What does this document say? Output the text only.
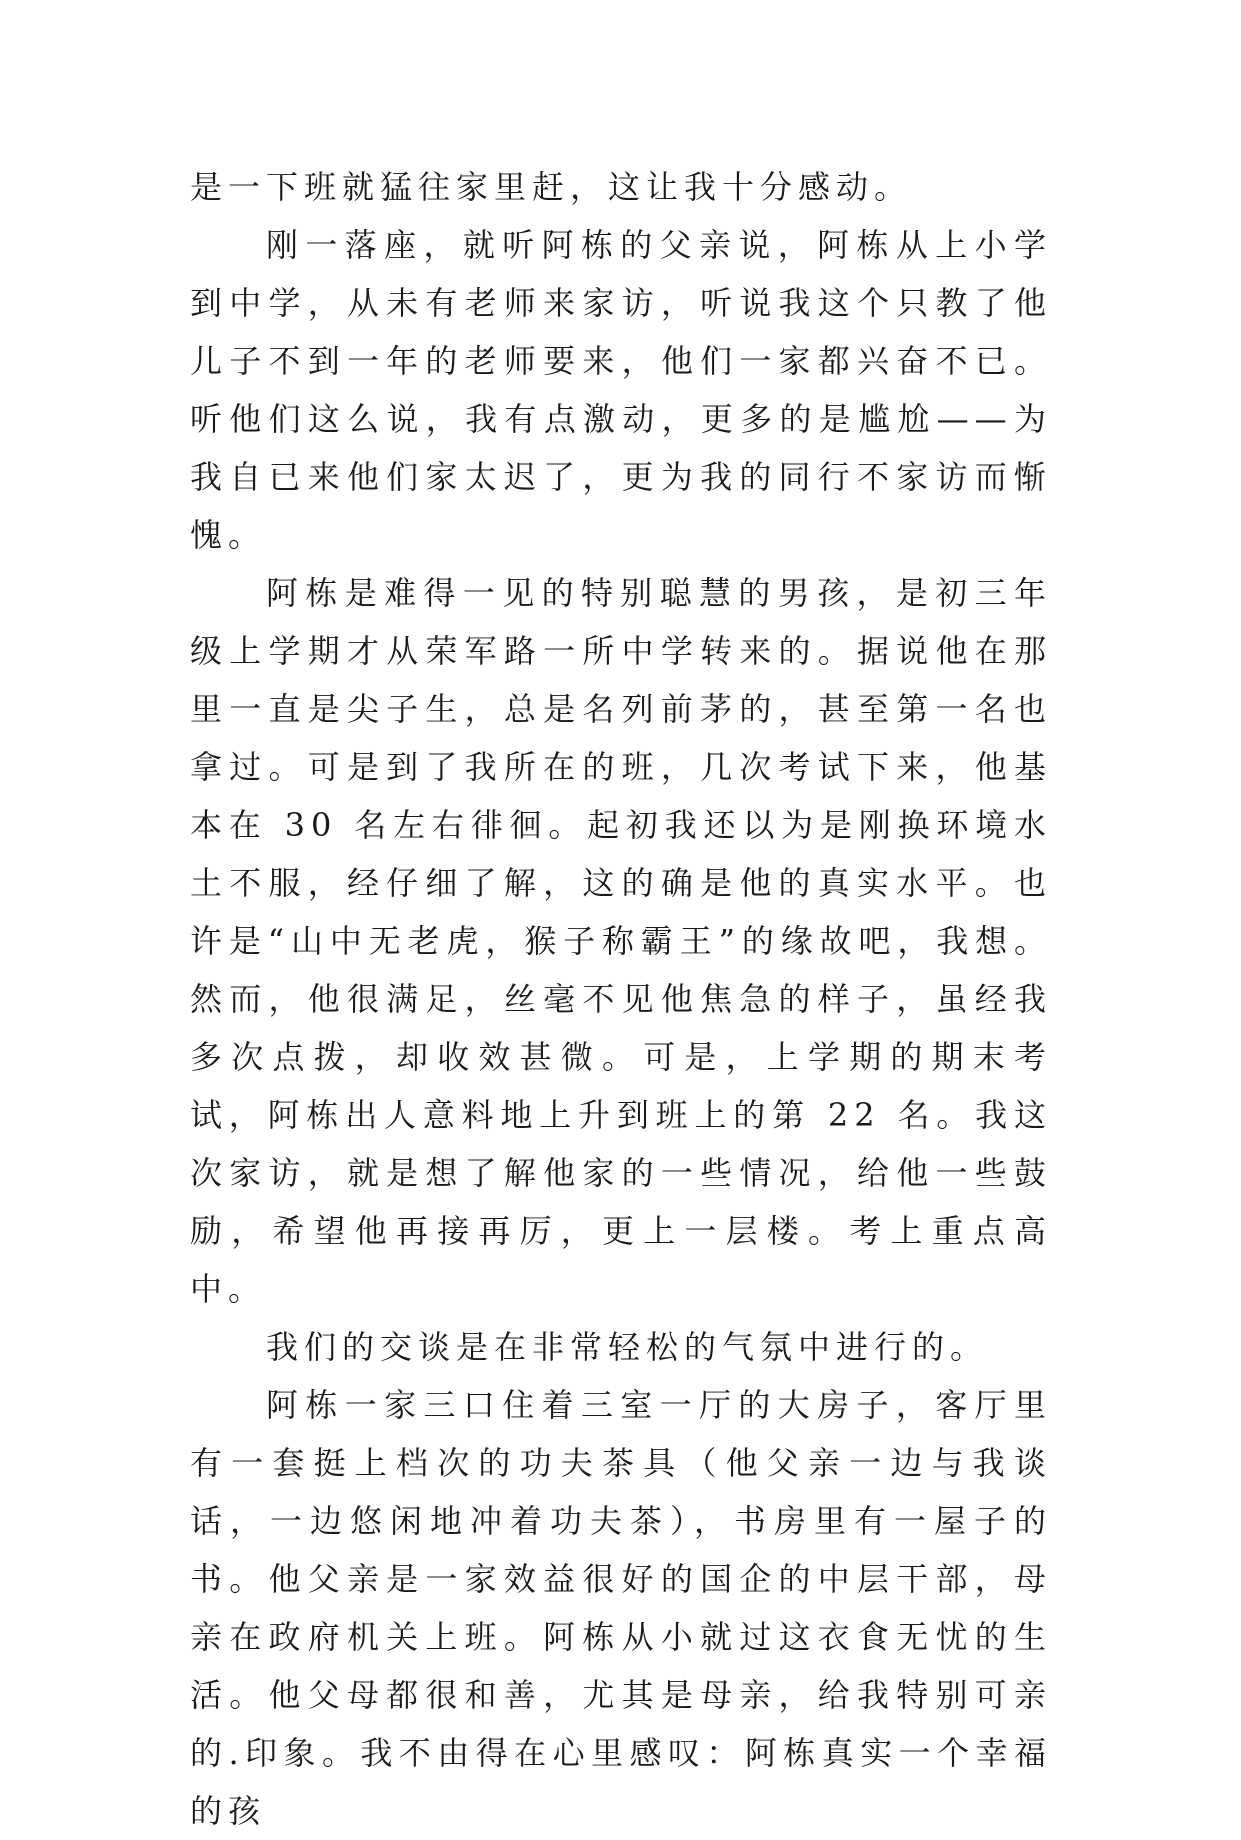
是一下班就猛往家里赶，这让我十分感动。

刚一落座，就听阿栋的父亲说，阿栋从上小学到中学，从未有老师来家访，听说我这个只教了他儿子不到一年的老师要来，他们一家都兴奋不已。听他们这么说，我有点激动，更多的是尴尬——为我自已来他们家太迟了，更为我的同行不家访而惭愧。

阿栋是难得一见的特别聪慧的男孩，是初三年级上学期才从荣军路一所中学转来的。据说他在那里一直是尖子生，总是名列前茅的，甚至第一名也拿过。可是到了我所在的班，几次考试下来，他基本在 30 名左右徘徊。起初我还以为是刚换环境水土不服，经仔细了解，这的确是他的真实水平。也许是“山中无老虎，猴子称霸王”的缘故吧，我想。然而，他很满足，丝毫不见他焦急的样子，虽经我多次点拨，却收效甚微。可是，上学期的期末考试，阿栋出人意料地上升到班上的第 22 名。我这次家访，就是想了解他家的一些情况，给他一些鼓励，希望他再接再厉，更上一层楼。考上重点高中。

我们的交谈是在非常轻松的气氛中进行的。

阿栋一家三口住着三室一厅的大房子，客厅里有一套挺上档次的功夫茶具（他父亲一边与我谈话，一边悠闲地冲着功夫茶），书房里有一屋子的书。他父亲是一家效益很好的国企的中层干部，母亲在政府机关上班。阿栋从小就过这衣食无忧的生活。他父母都很和善，尤其是母亲，给我特别可亲的.印象。我不由得在心里感叹：阿栋真实一个幸福的孩
